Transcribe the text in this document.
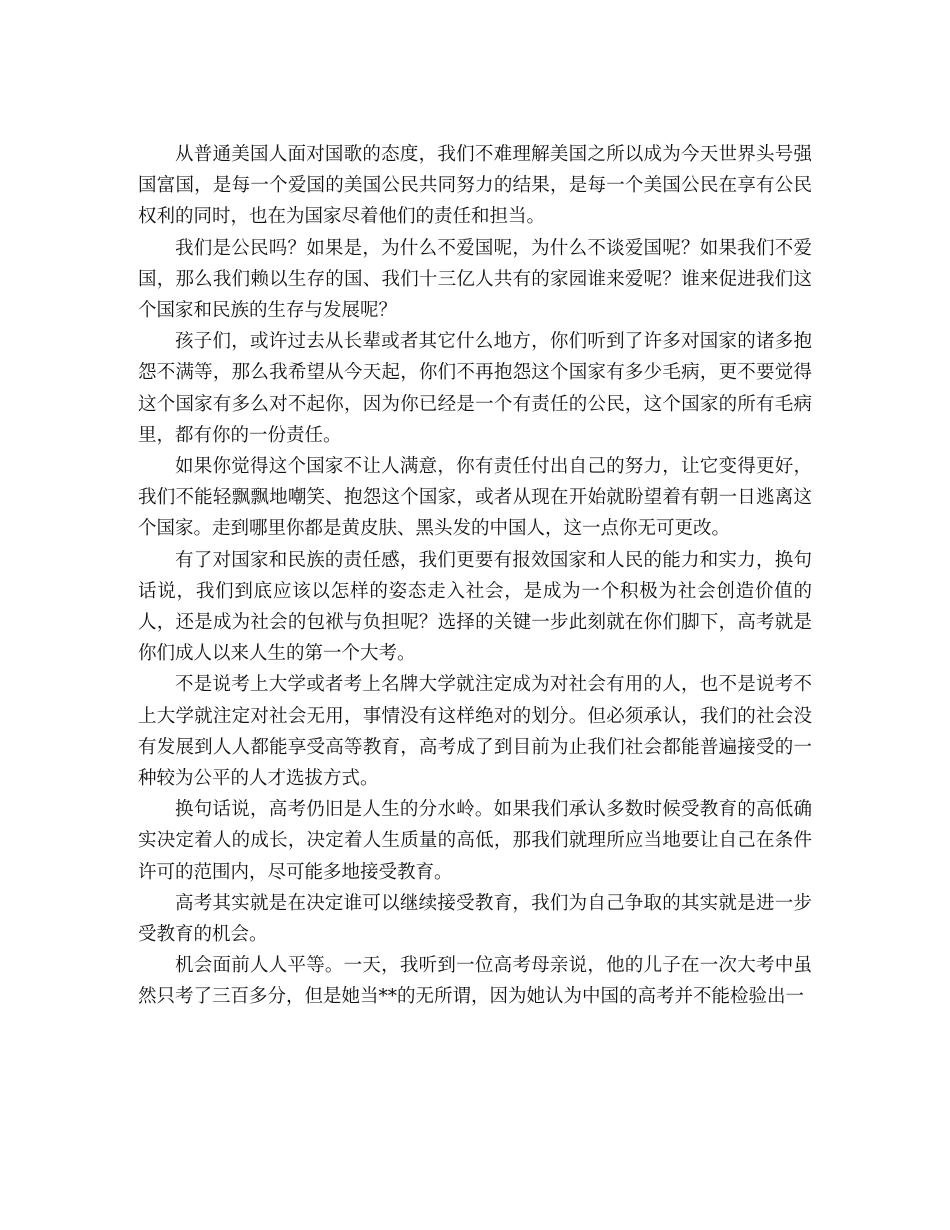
从普通美国人面对国歌的态度，我们不难理解美国之所以成为今天世界头号强国富国，是每一个爱国的美国公民共同努力的结果，是每一个美国公民在享有公民权利的同时，也在为国家尽着他们的责任和担当。

我们是公民吗？如果是，为什么不爱国呢，为什么不谈爱国呢？如果我们不爱国，那么我们赖以生存的国、我们十三亿人共有的家园谁来爱呢？谁来促进我们这个国家和民族的生存与发展呢？

孩子们，或许过去从长辈或者其它什么地方，你们听到了许多对国家的诸多抱怨不满等，那么我希望从今天起，你们不再抱怨这个国家有多少毛病，更不要觉得这个国家有多么对不起你，因为你已经是一个有责任的公民，这个国家的所有毛病里，都有你的一份责任。

如果你觉得这个国家不让人满意，你有责任付出自己的努力，让它变得更好，我们不能轻飘飘地嘲笑、抱怨这个国家，或者从现在开始就盼望着有朝一日逃离这个国家。走到哪里你都是黄皮肤、黑头发的中国人，这一点你无可更改。

有了对国家和民族的责任感，我们更要有报效国家和人民的能力和实力，换句话说，我们到底应该以怎样的姿态走入社会，是成为一个积极为社会创造价值的人，还是成为社会的包袱与负担呢？选择的关键一步此刻就在你们脚下，高考就是你们成人以来人生的第一个大考。

不是说考上大学或者考上名牌大学就注定成为对社会有用的人，也不是说考不上大学就注定对社会无用，事情没有这样绝对的划分。但必须承认，我们的社会没有发展到人人都能享受高等教育，高考成了到目前为止我们社会都能普遍接受的一种较为公平的人才选拔方式。

换句话说，高考仍旧是人生的分水岭。如果我们承认多数时候受教育的高低确实决定着人的成长，决定着人生质量的高低，那我们就理所应当地要让自己在条件许可的范围内，尽可能多地接受教育。

高考其实就是在决定谁可以继续接受教育，我们为自己争取的其实就是进一步受教育的机会。

机会面前人人平等。一天，我听到一位高考母亲说，他的儿子在一次大考中虽然只考了三百多分，但是她当**的无所谓，因为她认为中国的高考并不能检验出一
